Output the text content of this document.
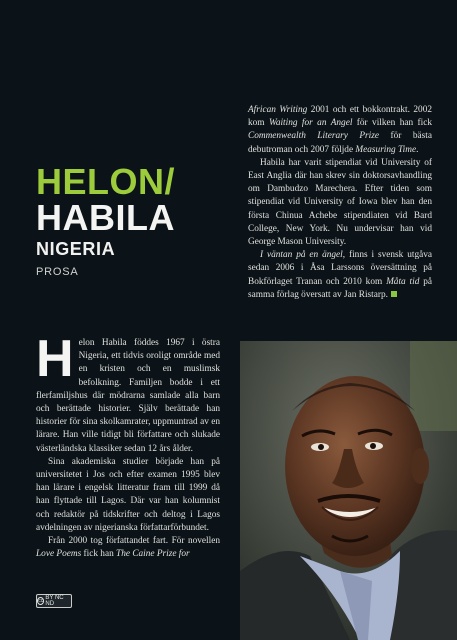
HELON/
HABILA
NIGERIA
PROSA

African Writing 2001 och ett bokkontrakt. 2002 kom Waiting for an Angel för vilken han fick Commenwealth Literary Prize för bästa debutroman och 2007 följde Measuring Time.

Habila har varit stipendiat vid University of East Anglia där han skrev sin doktorsavhandling om Dambudzo Marechera. Efter tiden som stipendiat vid University of Iowa blev han den första Chinua Achebe stipendiaten vid Bard College, New York. Nu undervisar han vid George Mason University.

I väntan på en ängel, finns i svensk utgåva sedan 2006 i Åsa Larssons översättning på Bokförlaget Tranan och 2010 kom Måta tid på samma förlag översatt av Jan Ristarp.

Helon Habila föddes 1967 i östra Nigeria, ett tidvis oroligt område med en kristen och en muslimsk befolkning. Familjen bodde i ett flerfamiljshus där mödrarna samlade alla barn och berättade historier. Själv berättade han historier för sina skolkamrater, uppmuntrad av en lärare. Han ville tidigt bli författare och slukade västerländska klassiker sedan 12 års ålder.

Sina akademiska studier började han på universitetet i Jos och efter examen 1995 blev han lärare i engelsk litteratur fram till 1999 då han flyttade till Lagos. Där var han kolumnist och redaktör på tidskrifter och deltog i Lagos avdelningen av nigerianska författarförbundet.

Från 2000 tog författandet fart. För novellen Love Poems fick han The Caine Prize for

cc BY NC ND
